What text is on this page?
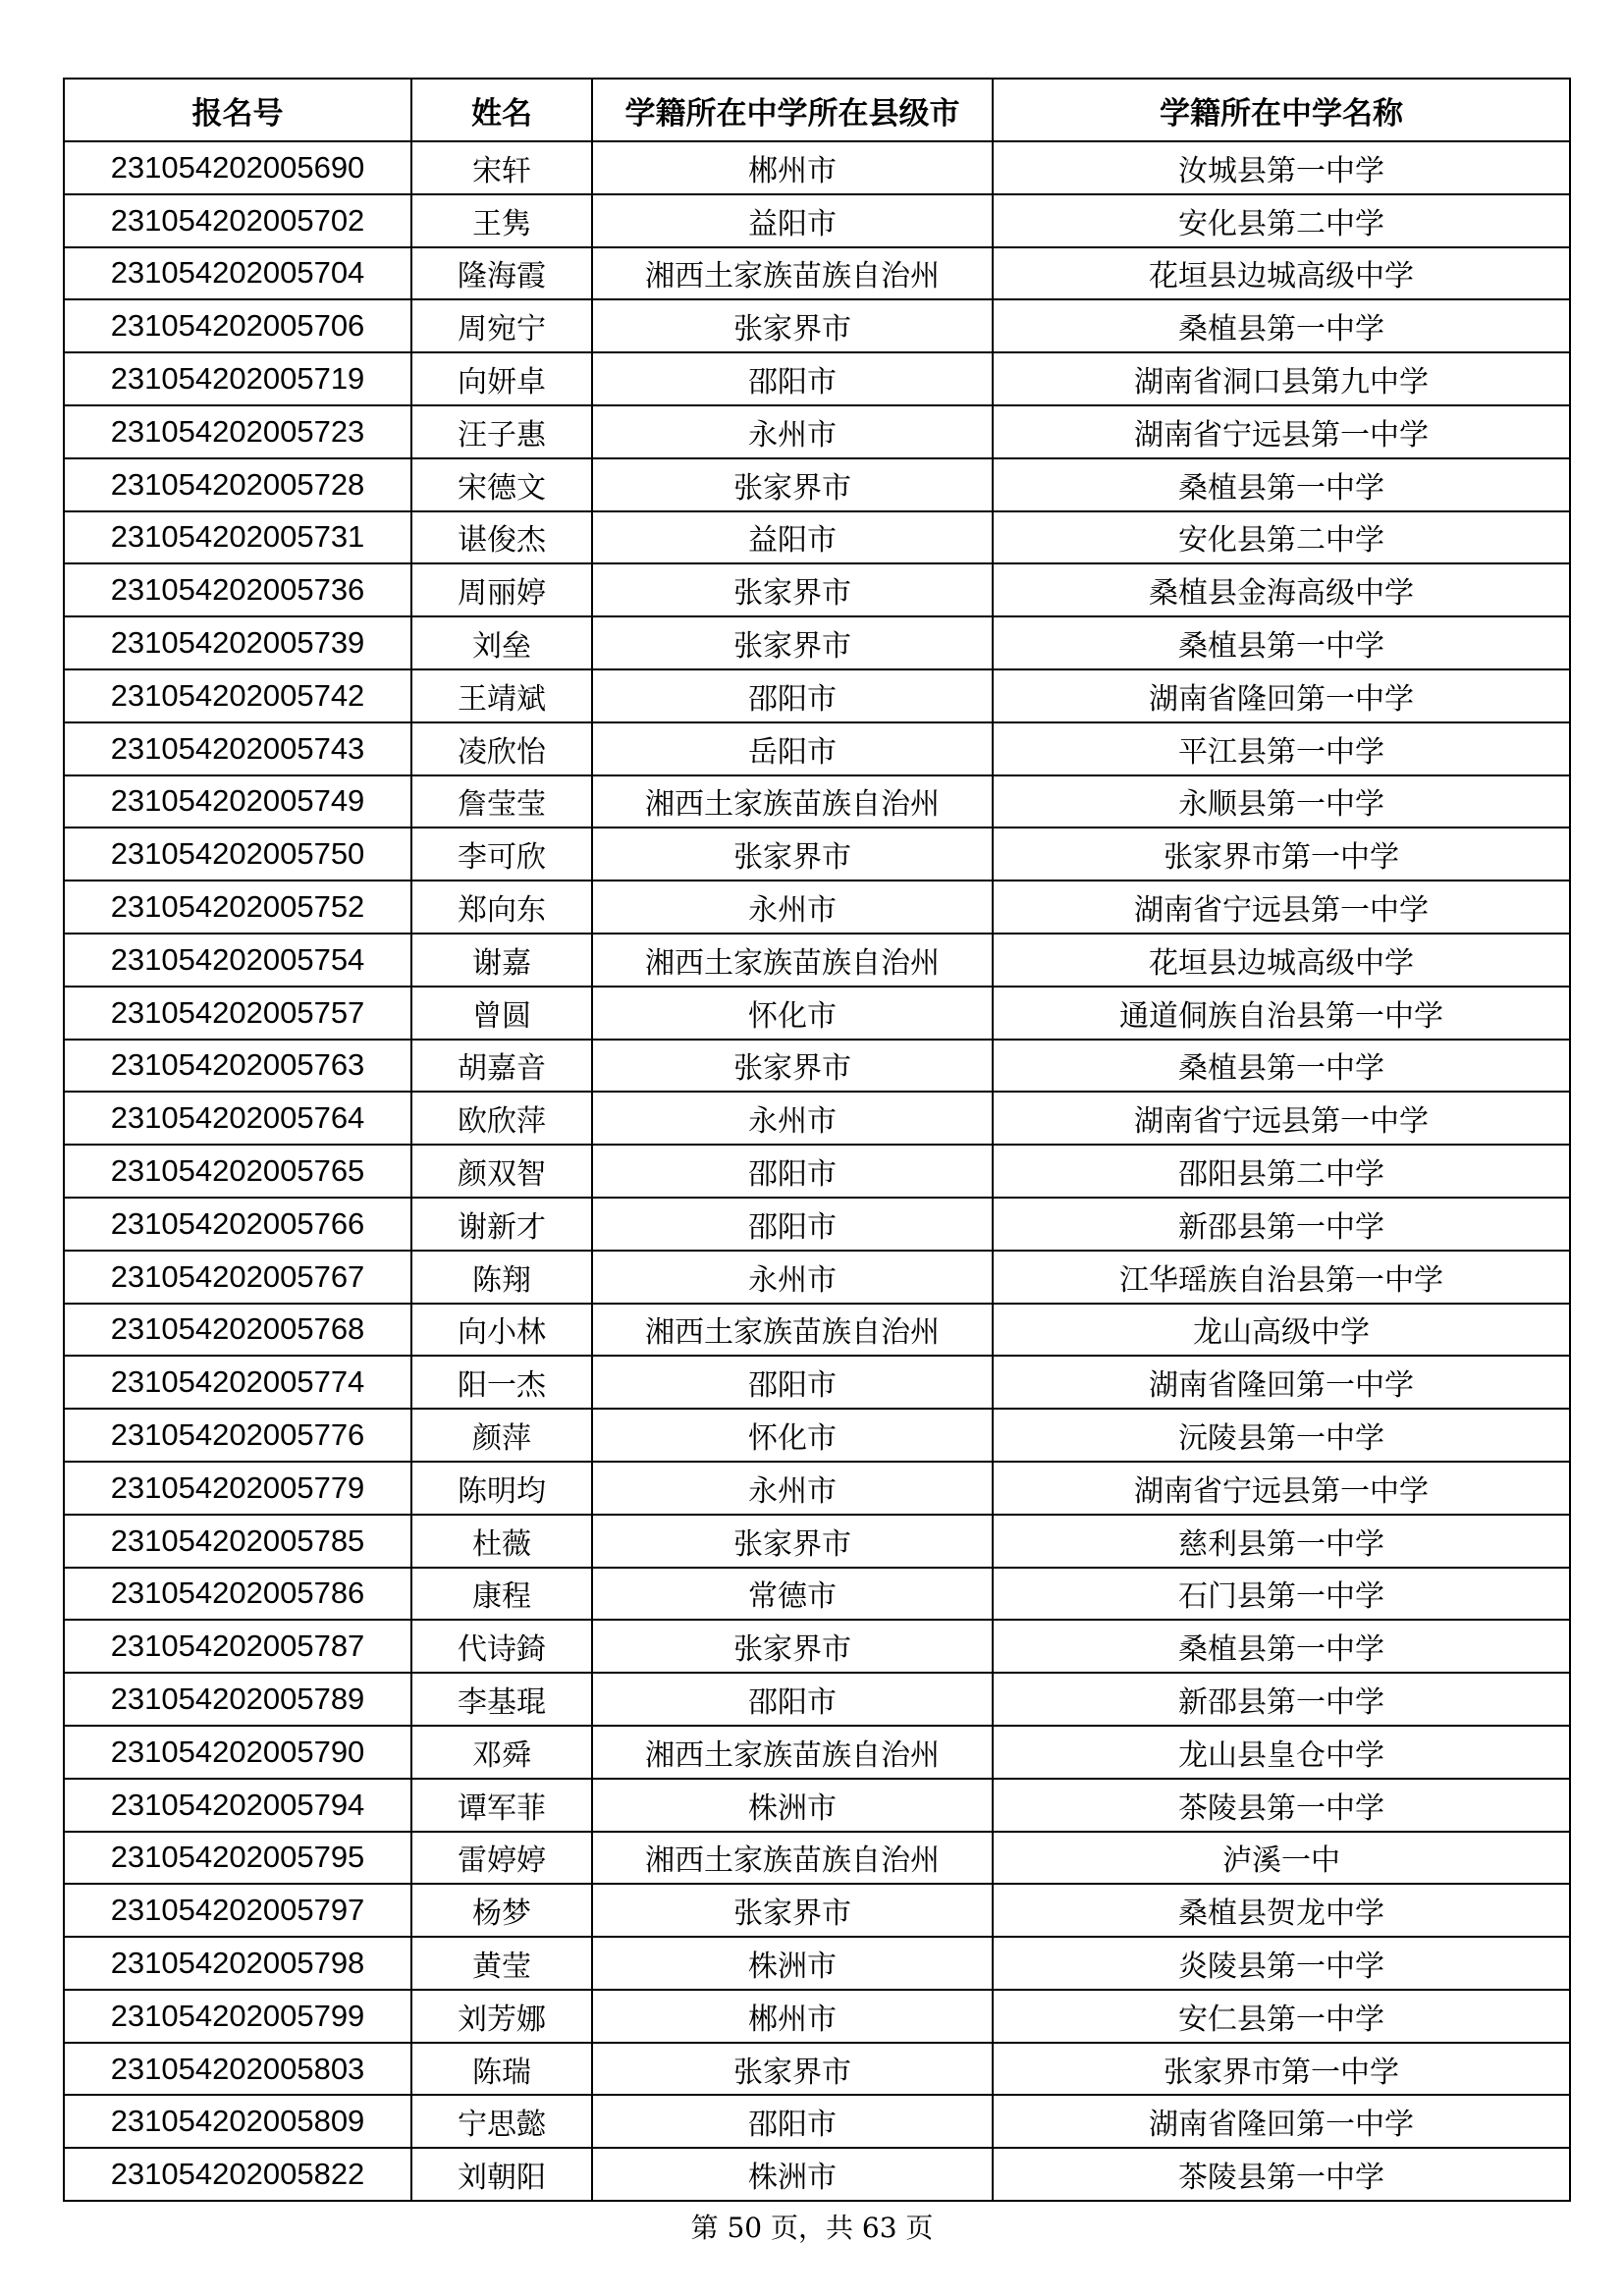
报名号	姓名	学籍所在中学所在县级市	学籍所在中学名称
231054202005690	宋轩	郴州市	汝城县第一中学
231054202005702	王隽	益阳市	安化县第二中学
231054202005704	隆海霞	湘西土家族苗族自治州	花垣县边城高级中学
231054202005706	周宛宁	张家界市	桑植县第一中学
231054202005719	向妍卓	邵阳市	湖南省洞口县第九中学
231054202005723	汪子惠	永州市	湖南省宁远县第一中学
231054202005728	宋德文	张家界市	桑植县第一中学
231054202005731	谌俊杰	益阳市	安化县第二中学
231054202005736	周丽婷	张家界市	桑植县金海高级中学
231054202005739	刘垒	张家界市	桑植县第一中学
231054202005742	王靖斌	邵阳市	湖南省隆回第一中学
231054202005743	凌欣怡	岳阳市	平江县第一中学
231054202005749	詹莹莹	湘西土家族苗族自治州	永顺县第一中学
231054202005750	李可欣	张家界市	张家界市第一中学
231054202005752	郑向东	永州市	湖南省宁远县第一中学
231054202005754	谢嘉	湘西土家族苗族自治州	花垣县边城高级中学
231054202005757	曾圆	怀化市	通道侗族自治县第一中学
231054202005763	胡嘉音	张家界市	桑植县第一中学
231054202005764	欧欣萍	永州市	湖南省宁远县第一中学
231054202005765	颜双智	邵阳市	邵阳县第二中学
231054202005766	谢新才	邵阳市	新邵县第一中学
231054202005767	陈翔	永州市	江华瑶族自治县第一中学
231054202005768	向小林	湘西土家族苗族自治州	龙山高级中学
231054202005774	阳一杰	邵阳市	湖南省隆回第一中学
231054202005776	颜萍	怀化市	沅陵县第一中学
231054202005779	陈明均	永州市	湖南省宁远县第一中学
231054202005785	杜薇	张家界市	慈利县第一中学
231054202005786	康程	常德市	石门县第一中学
231054202005787	代诗錡	张家界市	桑植县第一中学
231054202005789	李基琨	邵阳市	新邵县第一中学
231054202005790	邓舜	湘西土家族苗族自治州	龙山县皇仓中学
231054202005794	谭军菲	株洲市	茶陵县第一中学
231054202005795	雷婷婷	湘西土家族苗族自治州	泸溪一中
231054202005797	杨梦	张家界市	桑植县贺龙中学
231054202005798	黄莹	株洲市	炎陵县第一中学
231054202005799	刘芳娜	郴州市	安仁县第一中学
231054202005803	陈瑞	张家界市	张家界市第一中学
231054202005809	宁思懿	邵阳市	湖南省隆回第一中学
231054202005822	刘朝阳	株洲市	茶陵县第一中学
第 50 页，共 63 页
